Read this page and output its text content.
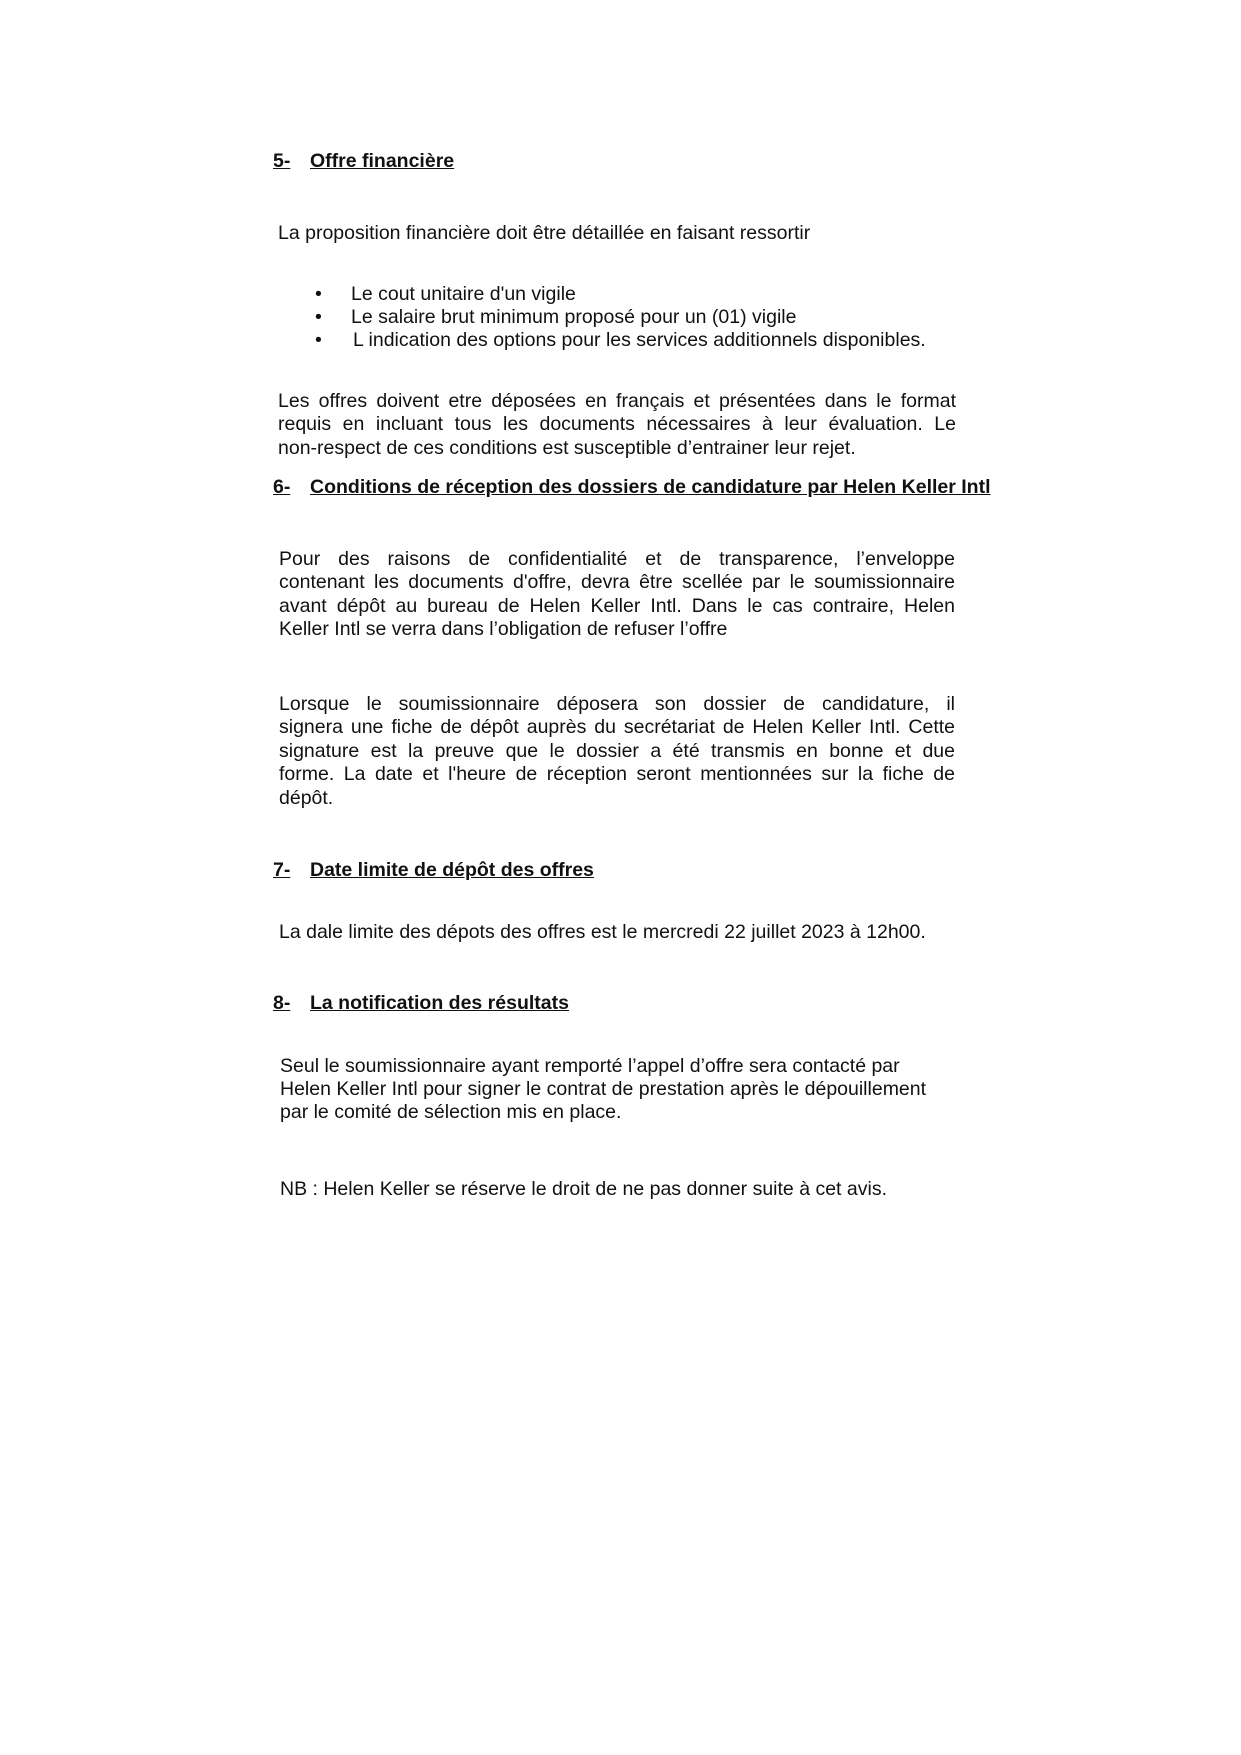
5- Offre financière
La proposition financière doit être détaillée en faisant ressortir
• Le cout unitaire d'un vigile
• Le salaire brut minimum proposé pour un (01) vigile
• L indication des options pour les services additionnels disponibles.
Les offres doivent etre déposées en français et présentées dans le format
requis en incluant tous les documents nécessaires à leur évaluation. Le
non-respect de ces conditions est susceptible d’entrainer leur rejet.
6- Conditions de réception des dossiers de candidature par Helen Keller Intl
Pour des raisons de confidentialité et de transparence, l’enveloppe
contenant les documents d'offre, devra être scellée par le soumissionnaire
avant dépôt au bureau de Helen Keller Intl. Dans le cas contraire, Helen
Keller Intl se verra dans l’obligation de refuser l’offre
Lorsque le soumissionnaire déposera son dossier de candidature, il
signera une fiche de dépôt auprès du secrétariat de Helen Keller Intl. Cette
signature est la preuve que le dossier a été transmis en bonne et due
forme. La date et l'heure de réception seront mentionnées sur la fiche de
dépôt.
7- Date limite de dépôt des offres
La dale limite des dépots des offres est le mercredi 22 juillet 2023 à 12h00.
8- La notification des résultats
Seul le soumissionnaire ayant remporté l’appel d’offre sera contacté par
Helen Keller Intl pour signer le contrat de prestation après le dépouillement
par le comité de sélection mis en place.
NB : Helen Keller se réserve le droit de ne pas donner suite à cet avis.
